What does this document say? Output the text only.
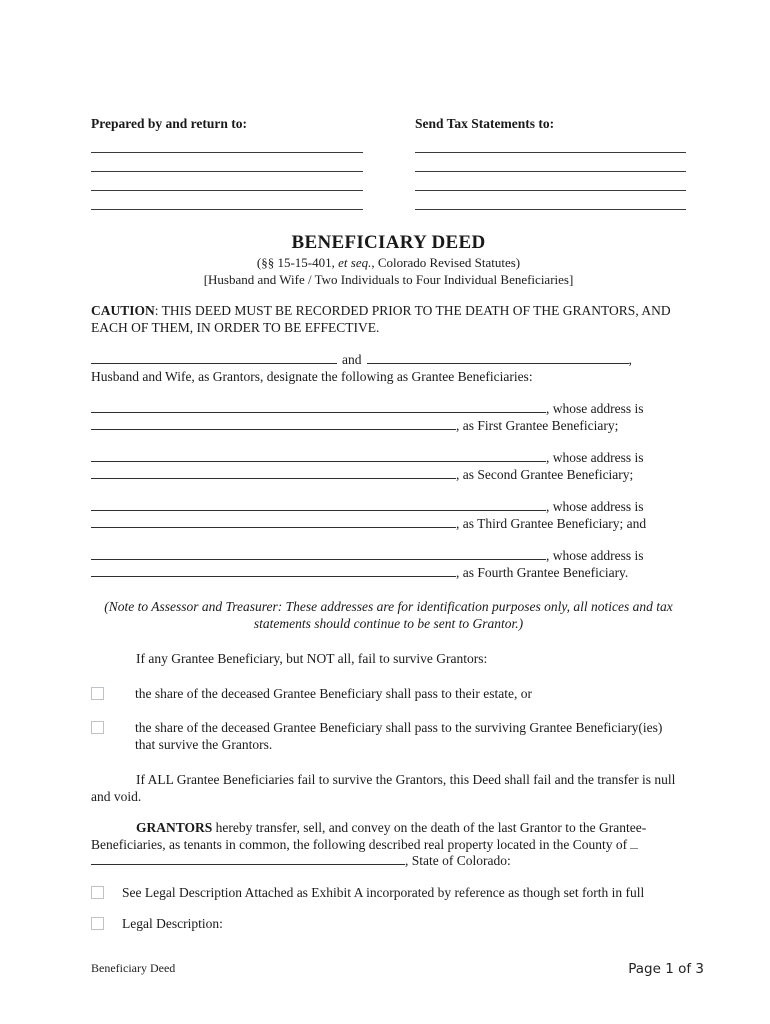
Prepared by and return to:	Send Tax Statements to:
BENEFICIARY DEED
(§§ 15-15-401, et seq., Colorado Revised Statutes)
[Husband and Wife / Two Individuals to Four Individual Beneficiaries]

CAUTION: THIS DEED MUST BE RECORDED PRIOR TO THE DEATH OF THE GRANTORS, AND EACH OF THEM, IN ORDER TO BE EFFECTIVE.

and	,

Husband and Wife, as Grantors, designate the following as Grantee Beneficiaries:

, whose address is
, as First Grantee Beneficiary;
, whose address is
, as Second Grantee Beneficiary;
, whose address is
, as Third Grantee Beneficiary; and
, whose address is
, as Fourth Grantee Beneficiary.

(Note to Assessor and Treasurer: These addresses are for identification purposes only, all notices and tax statements should continue to be sent to Grantor.)

If any Grantee Beneficiary, but NOT all, fail to survive Grantors:

the share of the deceased Grantee Beneficiary shall pass to their estate, or
the share of the deceased Grantee Beneficiary shall pass to the surviving Grantee Beneficiary(ies) that survive the Grantors.

If ALL Grantee Beneficiaries fail to survive the Grantors, this Deed shall fail and the transfer is null and void.

GRANTORS hereby transfer, sell, and convey on the death of the last Grantor to the Grantee-Beneficiaries, as tenants in common, the following described real property located in the County of
, State of Colorado:

See Legal Description Attached as Exhibit A incorporated by reference as though set forth in full
Legal Description:
Beneficiary Deed	Page 1 of 3
